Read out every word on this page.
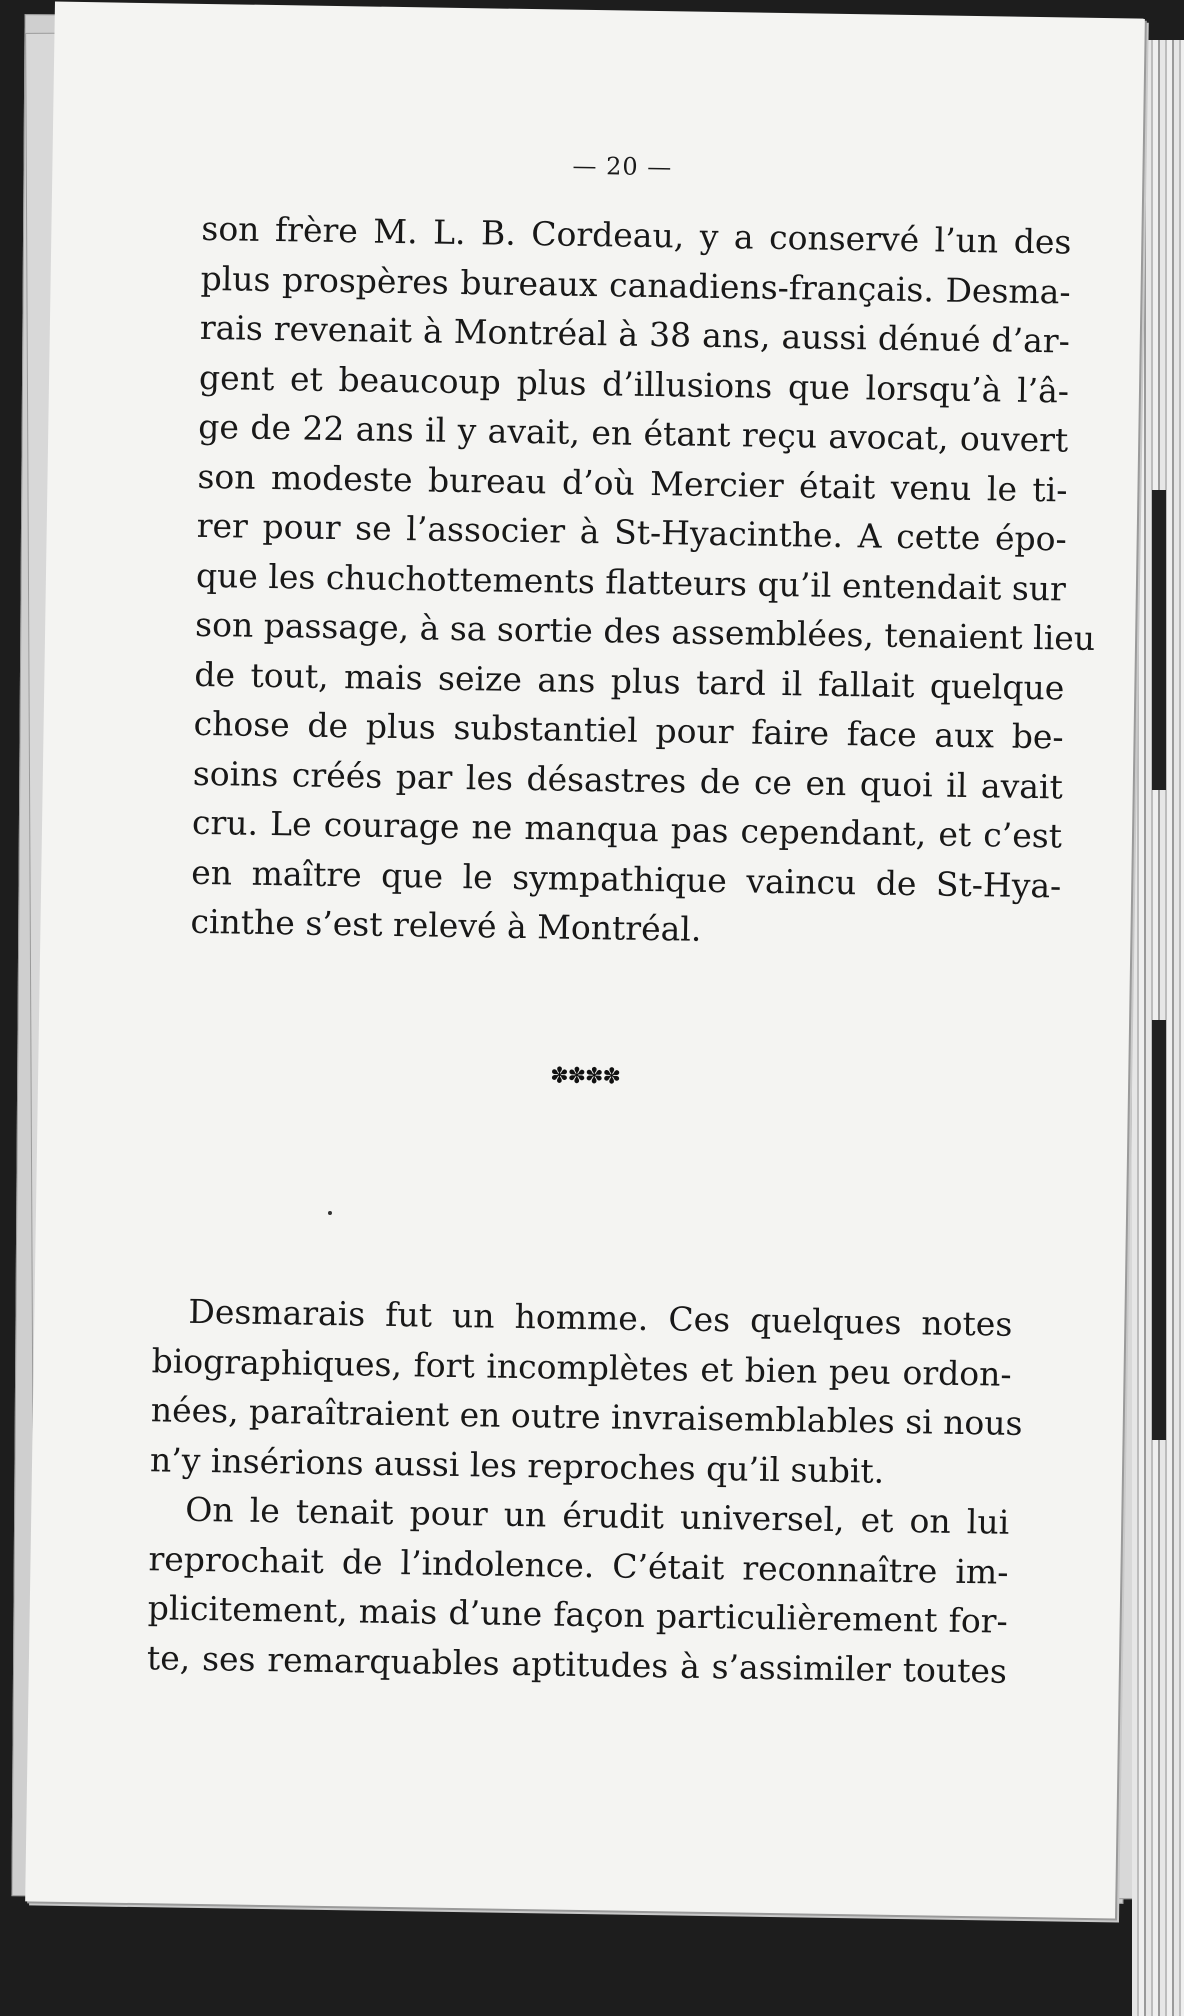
— 20 —
son frère M. L. B. Cordeau, y a conservé l’un des
plus prospères bureaux canadiens-français. Desma-
rais revenait à Montréal à 38 ans, aussi dénué d’ar-
gent et beaucoup plus d’illusions que lorsqu’à l’â-
ge de 22 ans il y avait, en étant reçu avocat, ouvert
son modeste bureau d’où Mercier était venu le ti-
rer pour se l’associer à St-Hyacinthe. A cette épo-
que les chuchottements flatteurs qu’il entendait sur
son passage, à sa sortie des assemblées, tenaient lieu
de tout, mais seize ans plus tard il fallait quelque
chose de plus substantiel pour faire face aux be-
soins créés par les désastres de ce en quoi il avait
cru. Le courage ne manqua pas cependant, et c’est
en maître que le sympathique vaincu de St-Hya-
cinthe s’est relevé à Montréal.
✽✽✽✽
Desmarais fut un homme. Ces quelques notes
biographiques, fort incomplètes et bien peu ordon-
nées, paraîtraient en outre invraisemblables si nous
n’y insérions aussi les reproches qu’il subit.
On le tenait pour un érudit universel, et on lui
reprochait de l’indolence. C’était reconnaître im-
plicitement, mais d’une façon particulièrement for-
te, ses remarquables aptitudes à s’assimiler toutes
